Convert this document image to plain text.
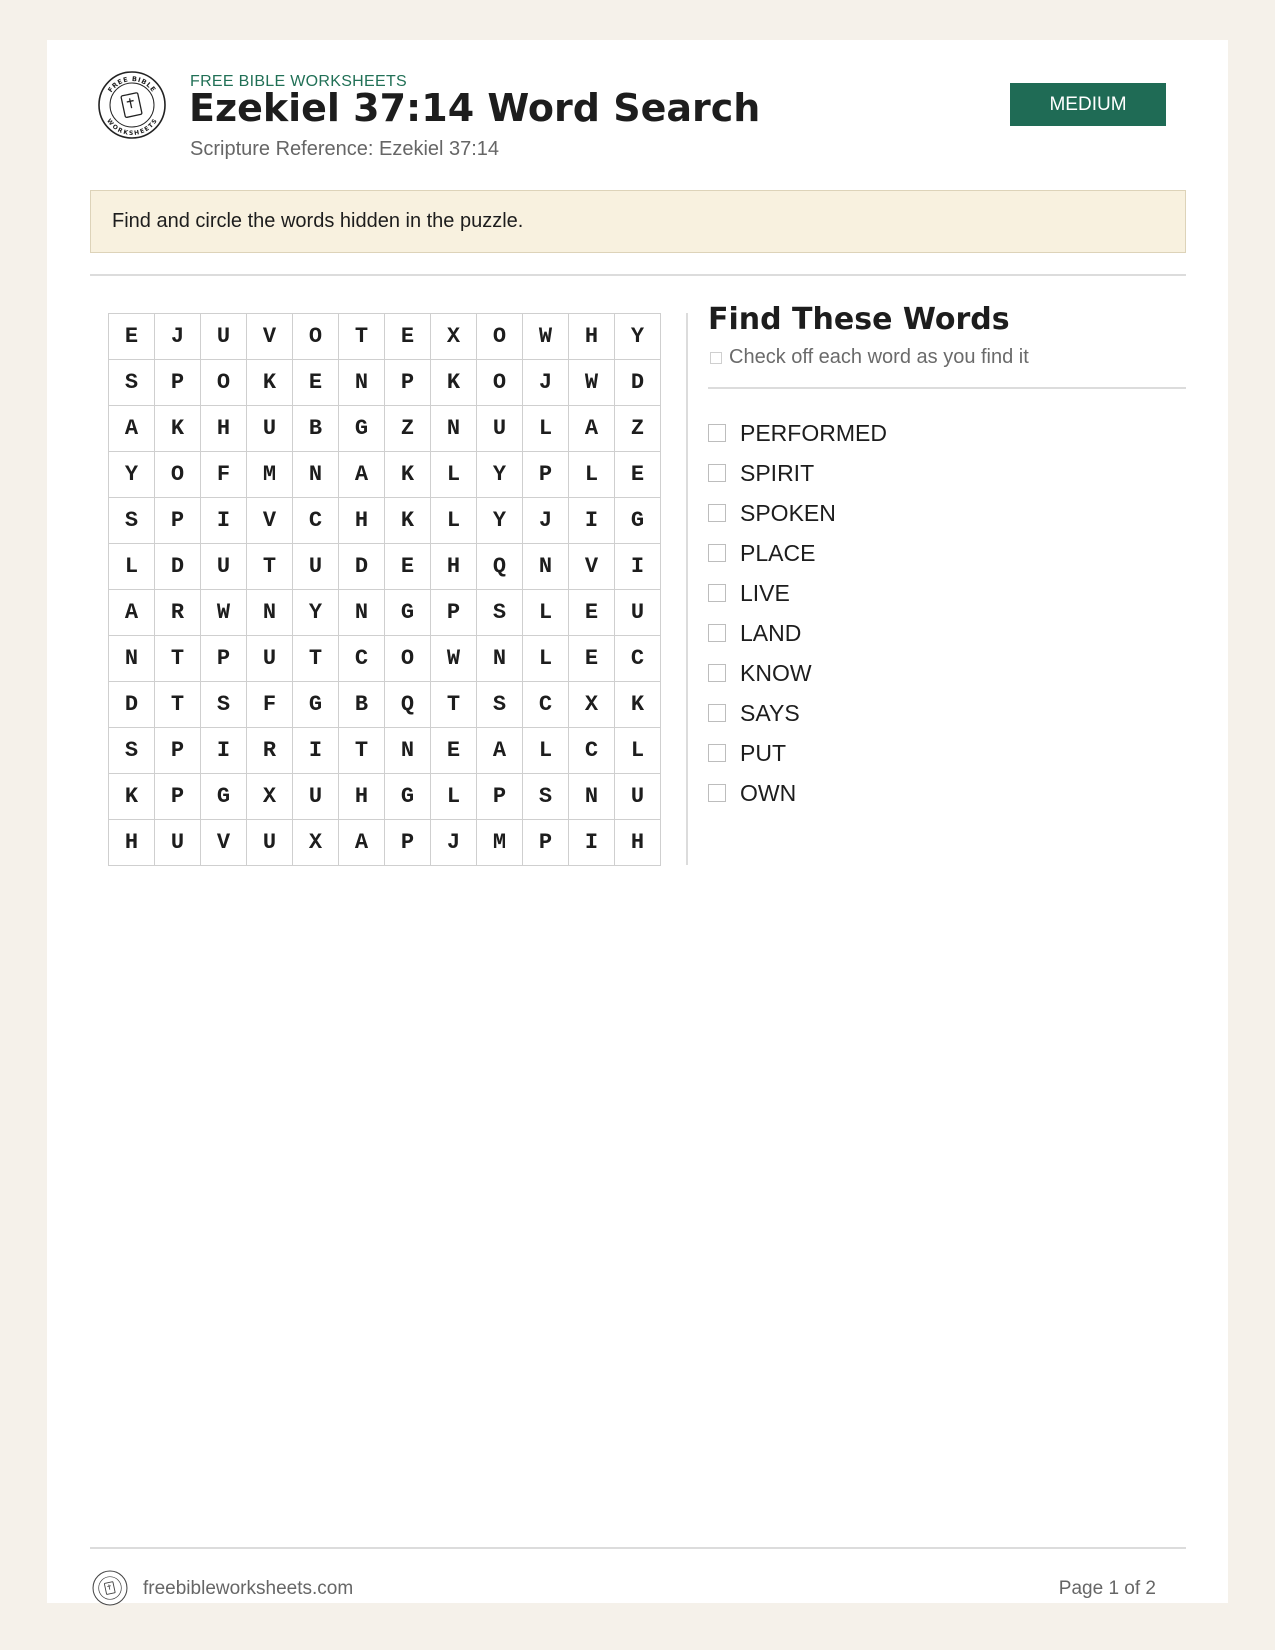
FREE BIBLE
WORKSHEETS
FREE BIBLE WORKSHEETS
Ezekiel 37:14 Word Search
Scripture Reference: Ezekiel 37:14
MEDIUM
Find and circle the words hidden in the puzzle.
E	J	U	V	O	T	E	X	O	W	H	Y
S	P	O	K	E	N	P	K	O	J	W	D
A	K	H	U	B	G	Z	N	U	L	A	Z
Y	O	F	M	N	A	K	L	Y	P	L	E
S	P	I	V	C	H	K	L	Y	J	I	G
L	D	U	T	U	D	E	H	Q	N	V	I
A	R	W	N	Y	N	G	P	S	L	E	U
N	T	P	U	T	C	O	W	N	L	E	C
D	T	S	F	G	B	Q	T	S	C	X	K
S	P	I	R	I	T	N	E	A	L	C	L
K	P	G	X	U	H	G	L	P	S	N	U
H	U	V	U	X	A	P	J	M	P	I	H
Find These Words
Check off each word as you find it
PERFORMED
SPIRIT
SPOKEN
PLACE
LIVE
LAND
KNOW
SAYS
PUT
OWN
freebibleworksheets.com	Page 1 of 2
